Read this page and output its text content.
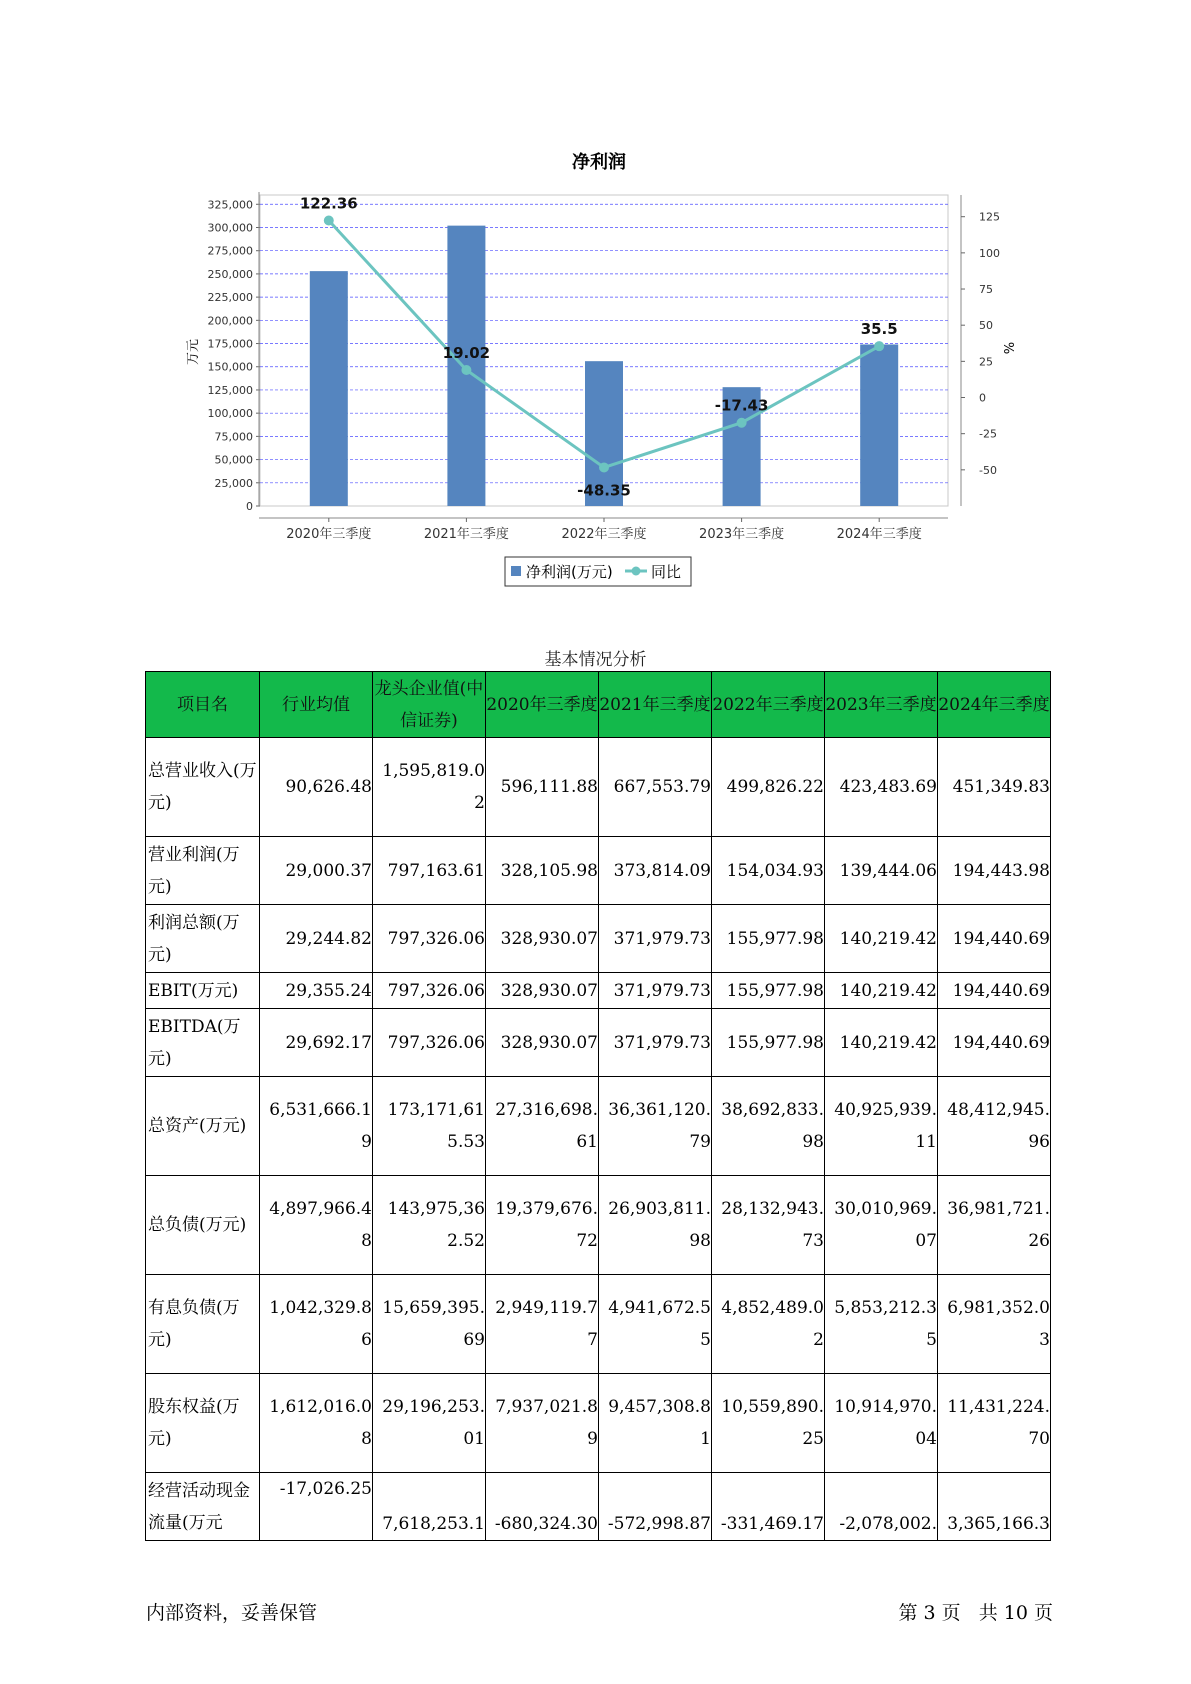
122.36
19.02
-48.35
-17.43
35.5
0
25,000
50,000
75,000
100,000
125,000
150,000
175,000
200,000
225,000
250,000
275,000
300,000
325,000
-50
-25
0
25
50
75
100
125
2020年三季度	2021年三季度	2022年三季度	2023年三季度	2024年三季度
净利润
万元	%
净利润(万元)	同比
基本情况分析
项目名	行业均值	龙头企业值(中信证券)	2020年三季度	2021年三季度	2022年三季度	2023年三季度	2024年三季度
总营业收入(万元)	90,626.48	1,595,819.02	596,111.88	667,553.79	499,826.22	423,483.69	451,349.83
营业利润(万元)	29,000.37	797,163.61	328,105.98	373,814.09	154,034.93	139,444.06	194,443.98
利润总额(万元)	29,244.82	797,326.06	328,930.07	371,979.73	155,977.98	140,219.42	194,440.69
EBIT(万元)	29,355.24	797,326.06	328,930.07	371,979.73	155,977.98	140,219.42	194,440.69
EBITDA(万元)	29,692.17	797,326.06	328,930.07	371,979.73	155,977.98	140,219.42	194,440.69
总资产(万元)	6,531,666.19	173,171,615.53	27,316,698.61	36,361,120.79	38,692,833.98	40,925,939.11	48,412,945.96
总负债(万元)	4,897,966.48	143,975,362.52	19,379,676.72	26,903,811.98	28,132,943.73	30,010,969.07	36,981,721.26
有息负债(万元)	1,042,329.86	15,659,395.69	2,949,119.77	4,941,672.55	4,852,489.02	5,853,212.35	6,981,352.03
股东权益(万元)	1,612,016.08	29,196,253.01	7,937,021.89	9,457,308.81	10,559,890.25	10,914,970.04	11,431,224.70
经营活动现金流量(万元	-17,026.25	7,618,253.1	-680,324.30	-572,998.87	-331,469.17	-2,078,002.	3,365,166.3
内部资料，妥善保管	第 3 页   共 10 页
